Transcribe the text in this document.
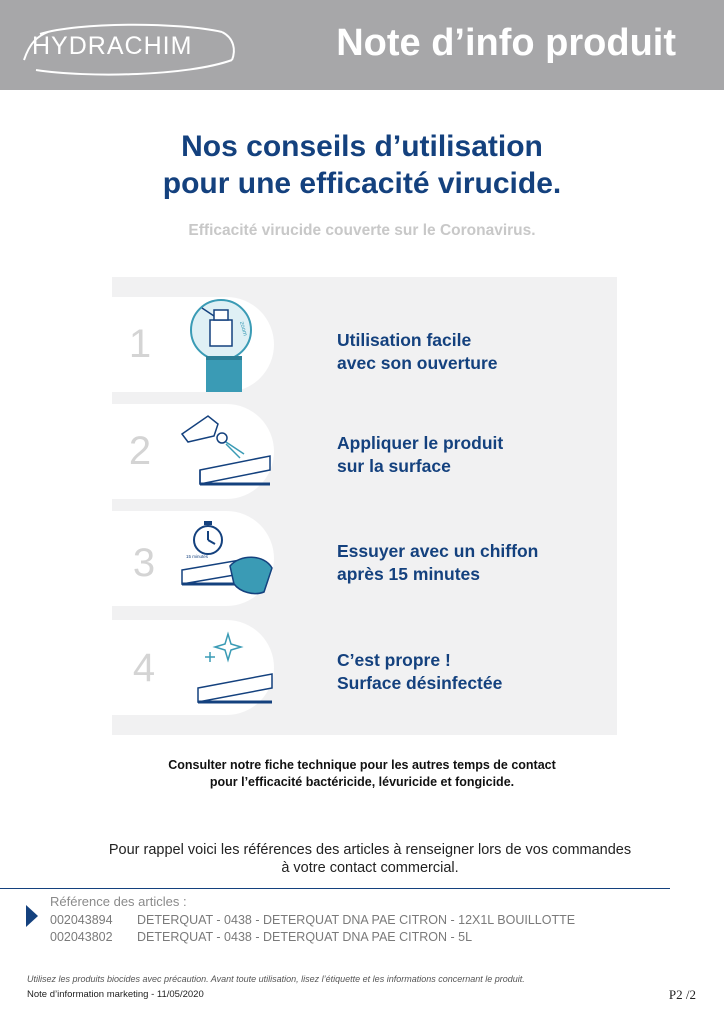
HYDRACHIM	Note d’info produit
Nos conseils d’utilisation
pour une efficacité virucide.
Efficacité virucide couverte sur le Coronavirus.
1	zoom
Utilisation facile
avec son ouverture
2	Appliquer le produit
sur la surface
3	15 minutes	Essuyer avec un chiffon
après 15 minutes
4	C’est propre !
Surface désinfectée
Consulter notre fiche technique pour les autres temps de contact
pour l’efficacité bactéricide, lévuricide et fongicide.
Pour rappel voici les références des articles à renseigner lors de vos commandes
à votre contact commercial.
Référence des articles :
002043894	DETERQUAT - 0438 - DETERQUAT DNA PAE CITRON - 12X1L BOUILLOTTE
002043802	DETERQUAT - 0438 - DETERQUAT DNA PAE CITRON - 5L
Utilisez les produits biocides avec précaution. Avant toute utilisation, lisez l’étiquette et les informations concernant le produit.
Note d’information marketing - 11/05/2020	P2 /2
